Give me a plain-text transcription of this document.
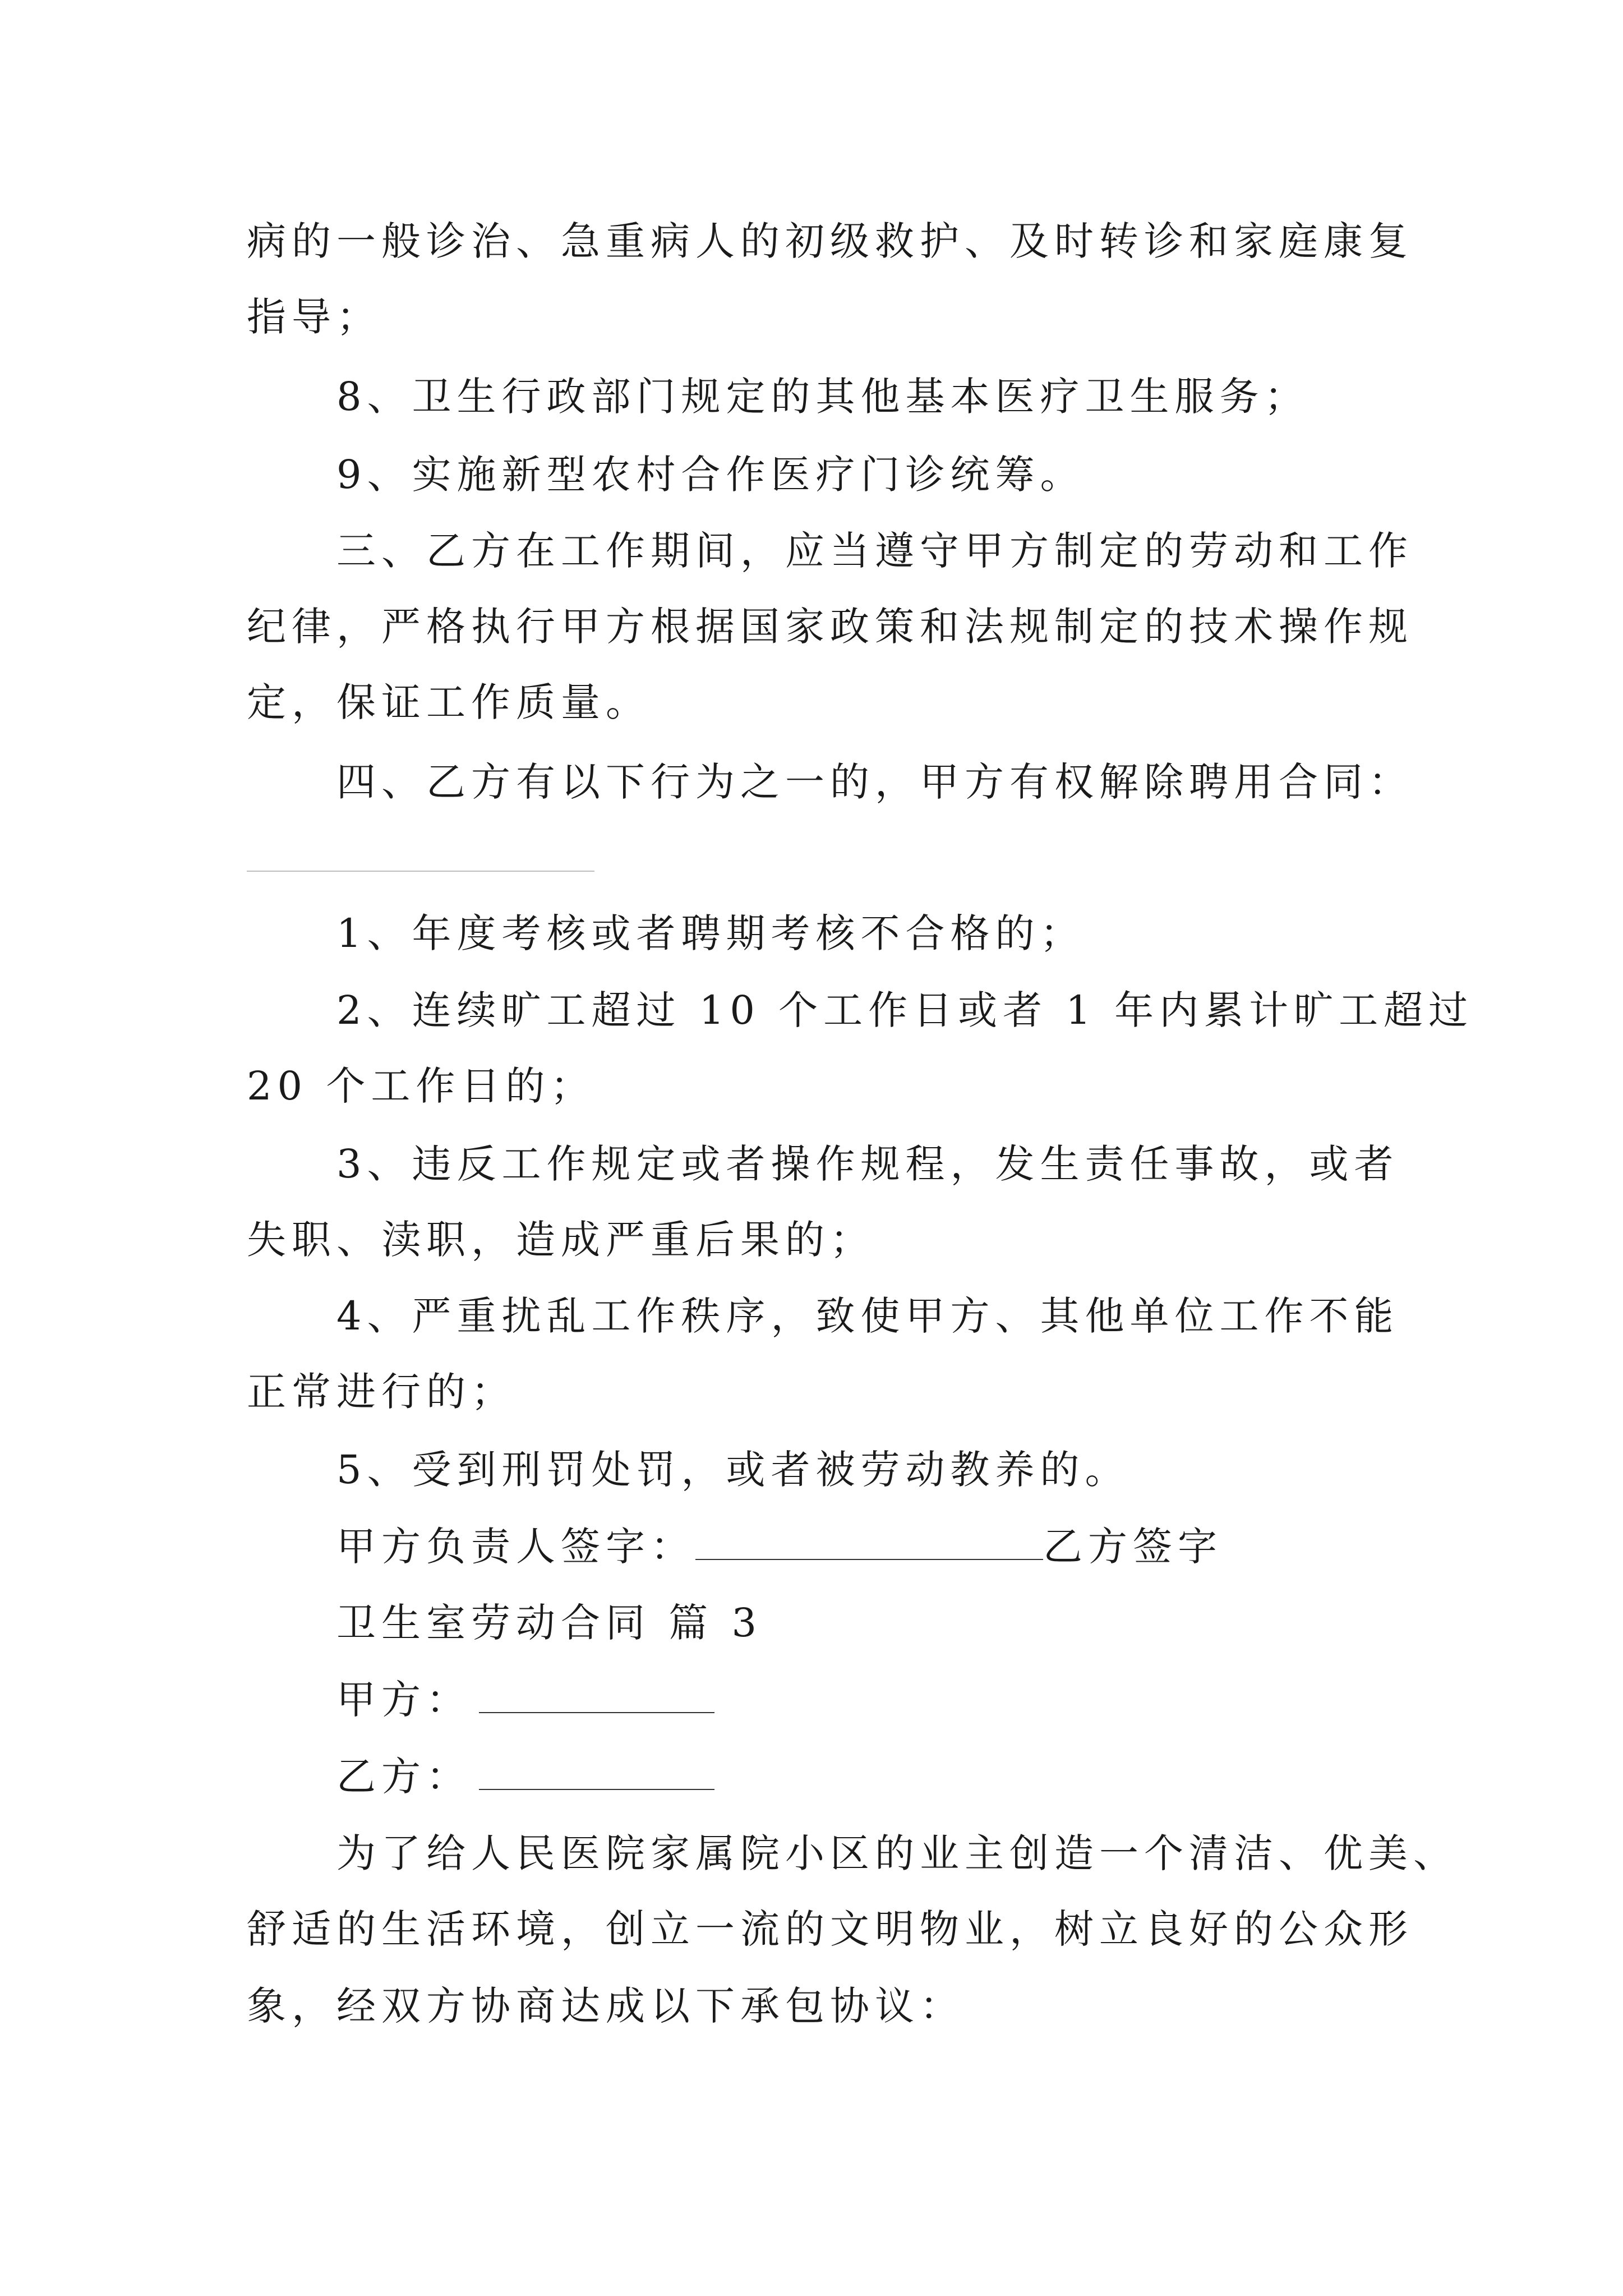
病的一般诊治、急重病人的初级救护、及时转诊和家庭康复
指导；
8、卫生行政部门规定的其他基本医疗卫生服务；
9、实施新型农村合作医疗门诊统筹。
三、乙方在工作期间，应当遵守甲方制定的劳动和工作
纪律，严格执行甲方根据国家政策和法规制定的技术操作规
定，保证工作质量。
四、乙方有以下行为之一的，甲方有权解除聘用合同：
1、年度考核或者聘期考核不合格的；
2、连续旷工超过 10 个工作日或者 1 年内累计旷工超过
20 个工作日的；
3、违反工作规定或者操作规程，发生责任事故，或者
失职、渎职，造成严重后果的；
4、严重扰乱工作秩序，致使甲方、其他单位工作不能
正常进行的；
5、受到刑罚处罚，或者被劳动教养的。
甲方负责人签字：	乙方签字
卫生室劳动合同 篇 3
甲方：
乙方：
为了给人民医院家属院小区的业主创造一个清洁、优美、
舒适的生活环境，创立一流的文明物业，树立良好的公众形
象，经双方协商达成以下承包协议：
